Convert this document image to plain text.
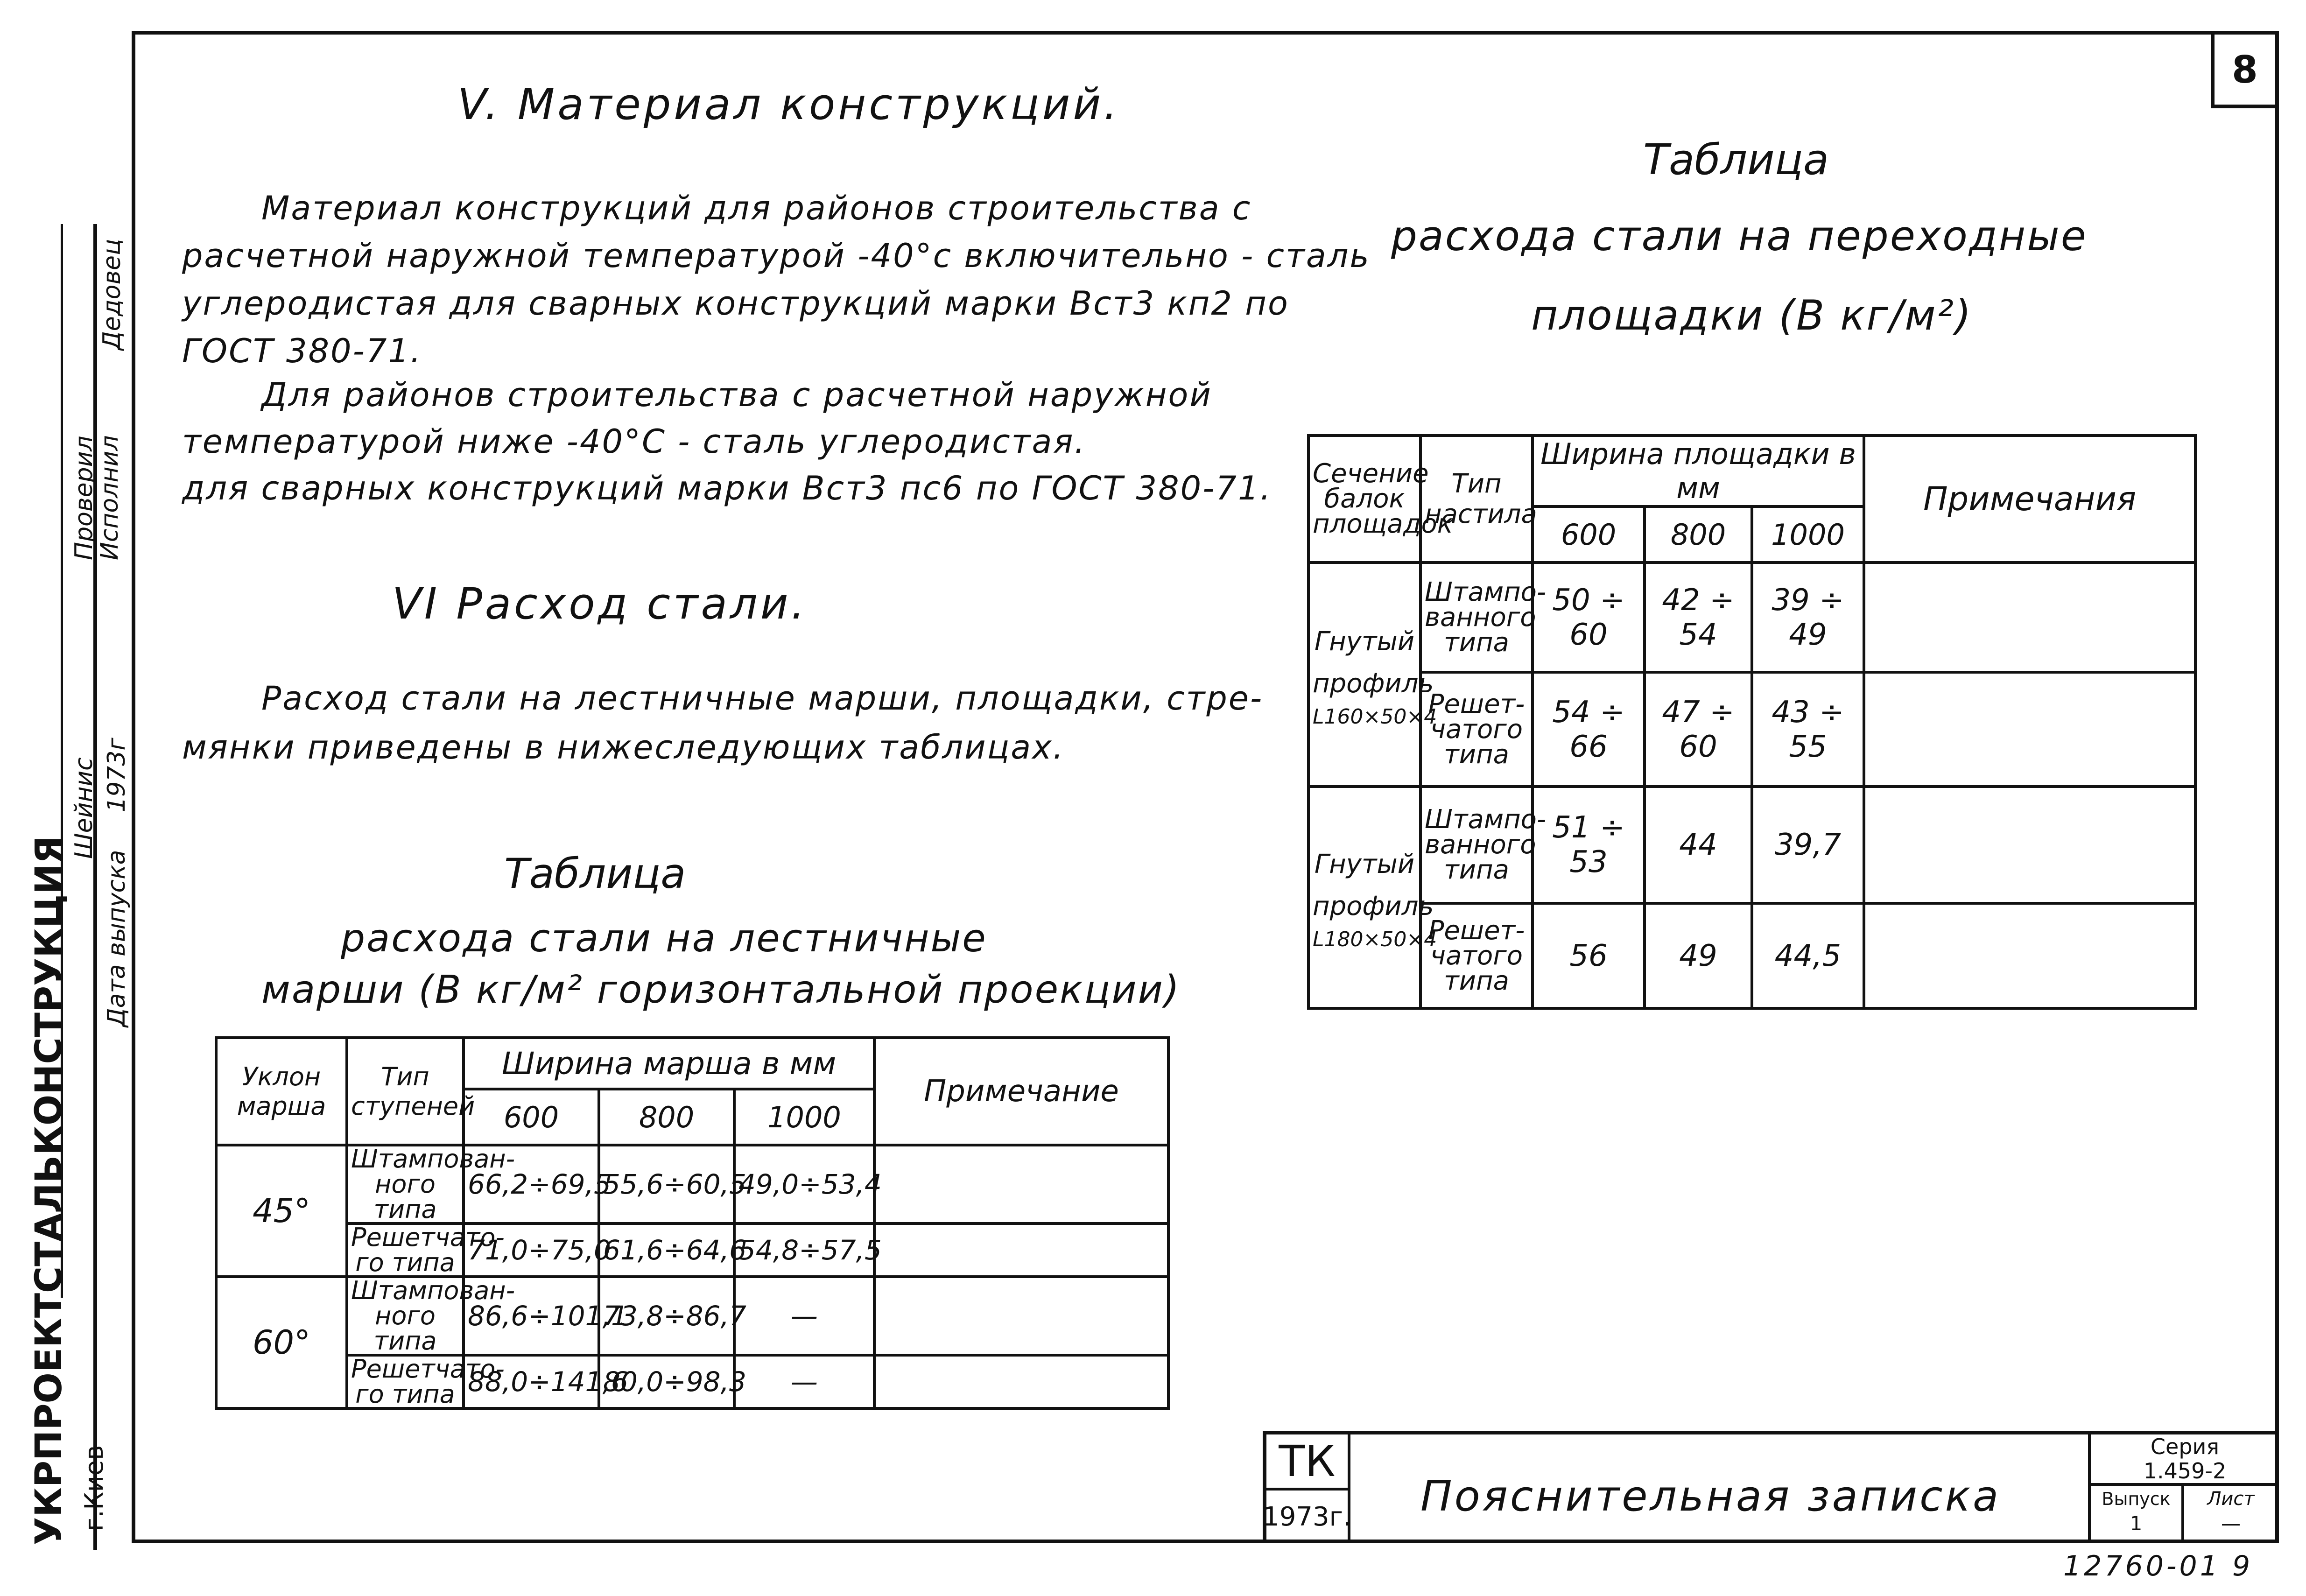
8
УКРПРОЕКТСТАЛЬКОНСТРУКЦИЯ г.Киев
Дата выпуска
1973г
Проверил
Исполнил
Шейнис
Дедовец
V. Материал конструкций.
Материал конструкций для районов строительства с
расчетной наружной температурой -40°с включительно - сталь
углеродистая для сварных конструкций марки Вст3 кп2 по
ГОСТ 380-71.
Для районов строительства с расчетной наружной
температурой ниже -40°С - сталь углеродистая.
для сварных конструкций марки Вст3 пс6 по ГОСТ 380-71.
VI Расход стали.
Расход стали на лестничные марши, площадки, стре-
мянки приведены в нижеследующих таблицах.
Таблица
расхода стали на лестничные
марши (В кг/м² горизонтальной проекции)
Уклон марша	Тип ступеней	Ширина марша в мм			Примечание
		600	800	1000	
45°	Штампован-ного типа	66,2÷69,5	55,6÷60,5	49,0÷53,4	
	Решетчато-го типа	71,0÷75,0	61,6÷64,6	54,8÷57,5	
60°	Штампован-ного типа	86,6÷101,1	73,8÷86,7	—	
	Решетчато-го типа	88,0÷141,6	80,0÷98,3	—	
Таблица
расхода стали на переходные
площадки (В кг/м²)
Сечение балок площадок	Тип настила	Ширина площадки в мм			Примечания
		600	800	1000	

Гнутый профиль
L160×50×4	Штампо-ванного типа	50 ÷ 60	42 ÷ 54	39 ÷ 49	
	Решет-чатого типа	54 ÷ 66	47 ÷ 60	43 ÷ 55	

Гнутый профиль
L180×50×4	Штампо-ванного типа	51 ÷ 53	44	39,7	
	Решет-чатого типа	56	49	44,5	
ТК
1973г. Пояснительная записка
Серия
1.459-2
Выпуск
1
Лист
—
12760-01 9
